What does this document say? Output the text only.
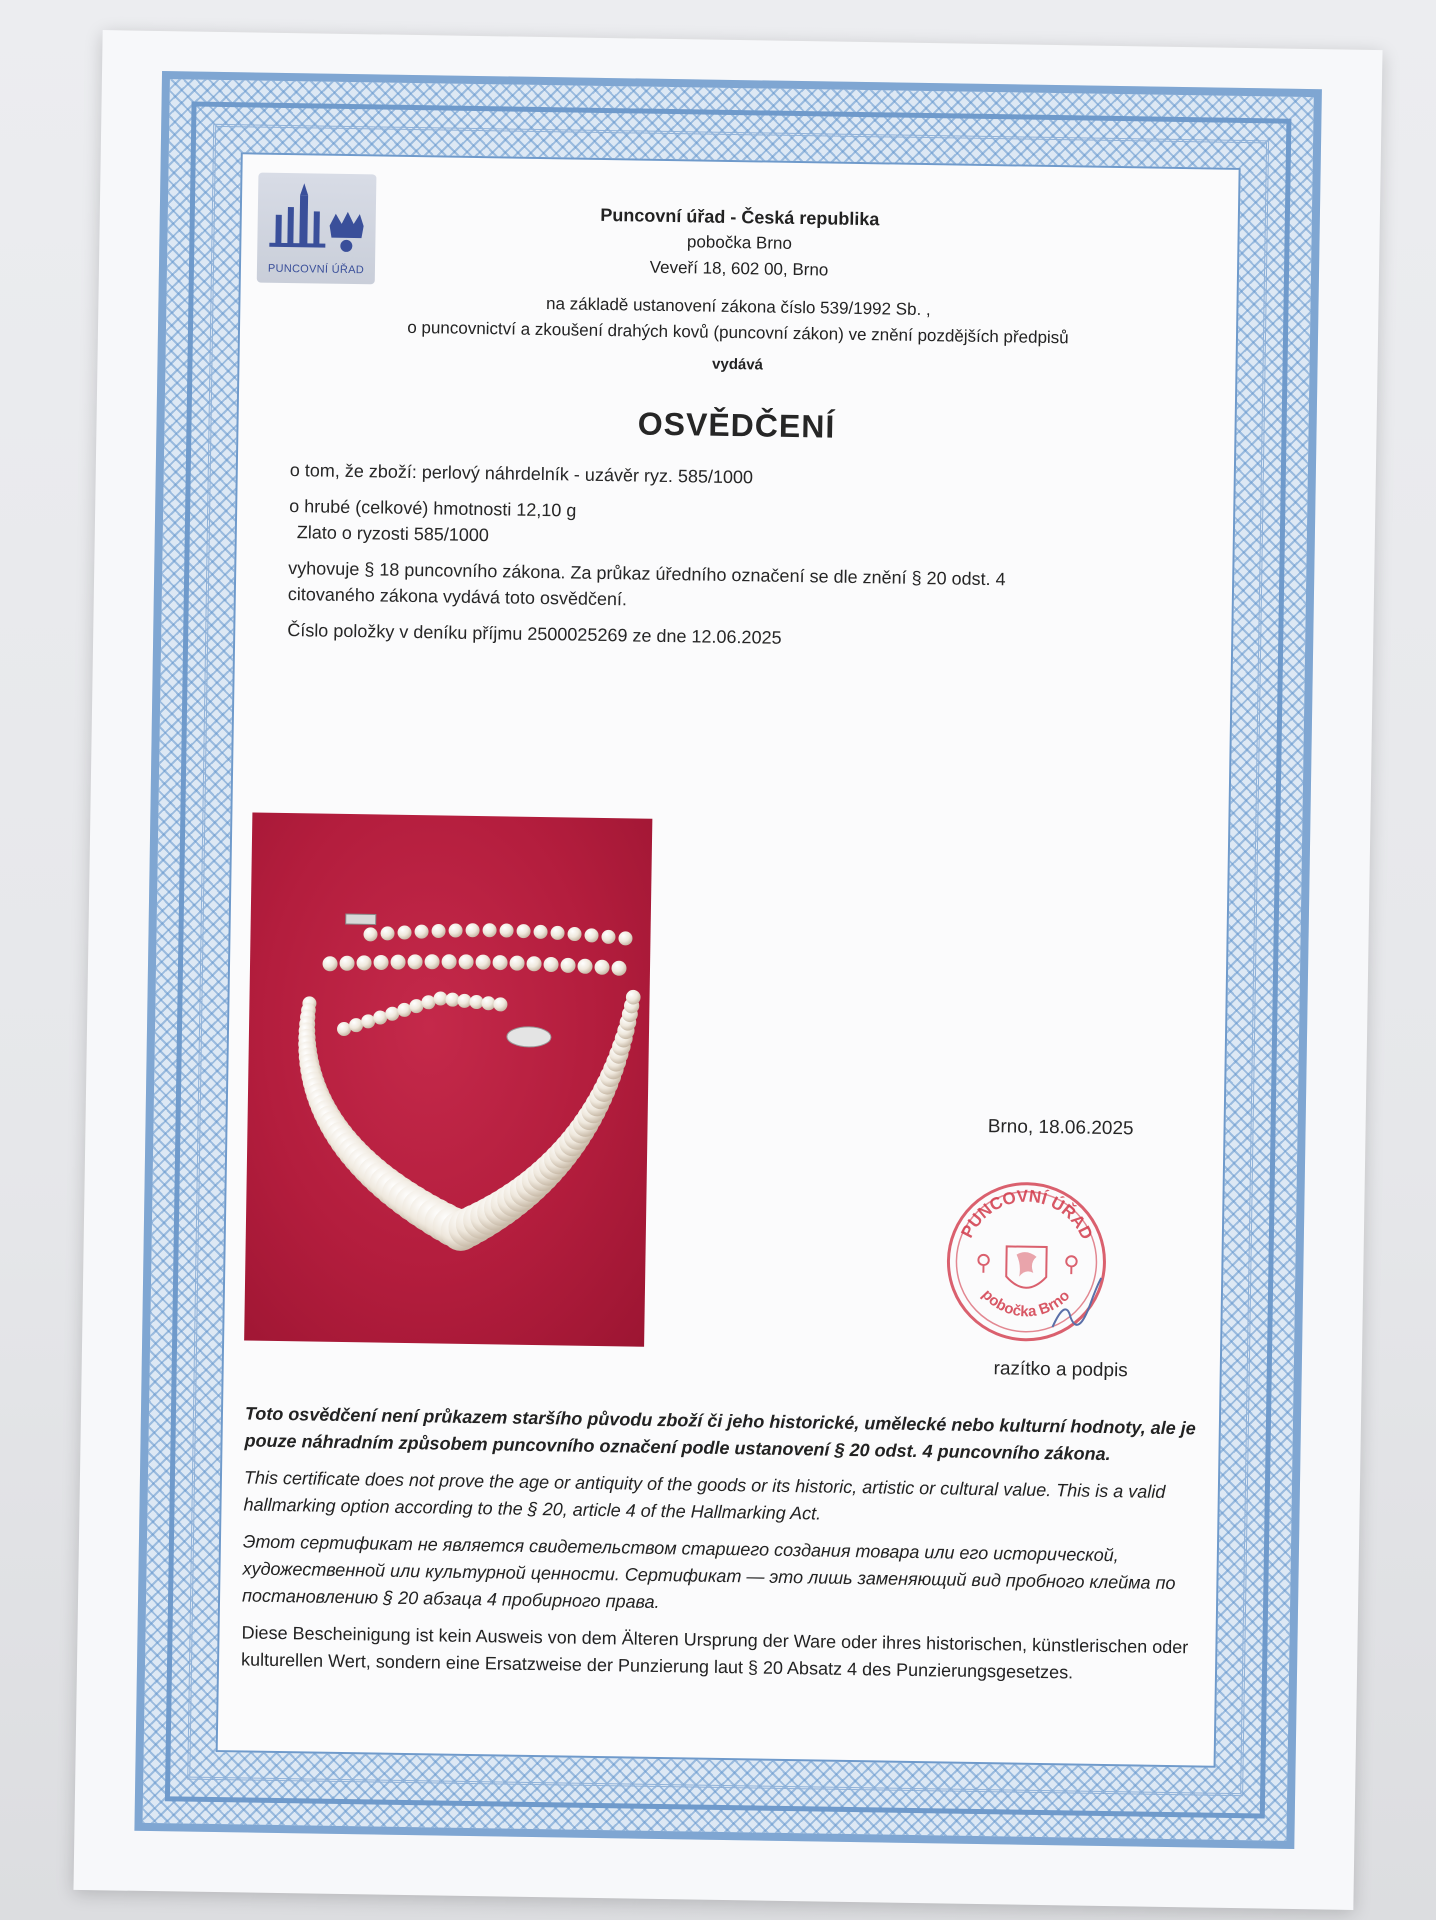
PUNCOVNÍ ÚŘAD
Puncovní úřad - Česká republika
pobočka Brno
Veveří 18, 602 00, Brno
na základě ustanovení zákona číslo 539/1992 Sb. ,
o puncovnictví a zkoušení drahých kovů (puncovní zákon) ve znění pozdějších předpisů
vydává
OSVĚDČENÍ

o tom, že zboží: perlový náhrdelník - uzávěr ryz. 585/1000

o hrubé (celkové) hmotnosti 12,10 g

Zlato o ryzosti 585/1000

vyhovuje § 18 puncovního zákona. Za průkaz úředního označení se dle znění § 20 odst. 4

citovaného zákona vydává toto osvědčení.

Číslo položky v deníku příjmu 2500025269 ze dne 12.06.2025

Brno, 18.06.2025
PUNCOVNÍ ÚŘAD
pobočka Brno
⚲	⚲
razítko a podpis

Toto osvědčení není průkazem staršího původu zboží či jeho historické, umělecké nebo kulturní hodnoty, ale je pouze náhradním způsobem puncovního označení podle ustanovení § 20 odst. 4 puncovního zákona.

This certificate does not prove the age or antiquity of the goods or its historic, artistic or cultural value. This is a valid hallmarking option according to the § 20, article 4 of the Hallmarking Act.

Этот сертификат не является свидетельством старшего создания товара или его исторической, художественной или культурной ценности. Сертификат — это лишь заменяющий вид пробного клейма по постановлению § 20 абзаца 4 пробирного права.

Diese Bescheinigung ist kein Ausweis von dem Älteren Ursprung der Ware oder ihres historischen, künstlerischen oder kulturellen Wert, sondern eine Ersatzweise der Punzierung laut § 20 Absatz 4 des Punzierungsgesetzes.
